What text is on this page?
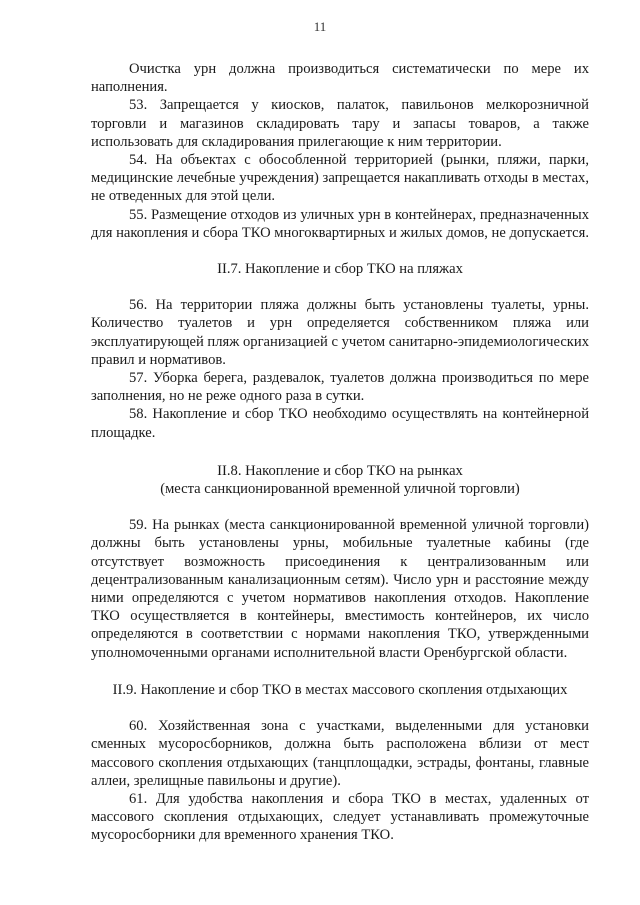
11

Очистка урн должна производиться систематически по мере их наполнения.

53. Запрещается у киосков, палаток, павильонов мелкорозничной торговли и магазинов складировать тару и запасы товаров, а также использовать для складирования прилегающие к ним территории.

54. На объектах с обособленной территорией (рынки, пляжи, парки, медицинские лечебные учреждения) запрещается накапливать отходы в местах, не отведенных для этой цели.

55. Размещение отходов из уличных урн в контейнерах, предназначенных для накопления и сбора ТКО многоквартирных и жилых домов, не допускается.

II.7. Накопление и сбор ТКО на пляжах

56. На территории пляжа должны быть установлены туалеты, урны. Количество туалетов и урн определяется собственником пляжа или эксплуатирующей пляж организацией с учетом санитарно-эпидемиологических правил и нормативов.

57. Уборка берега, раздевалок, туалетов должна производиться по мере заполнения, но не реже одного раза в сутки.

58. Накопление и сбор ТКО необходимо осуществлять на контейнерной площадке.

II.8. Накопление и сбор ТКО на рынках
(места санкционированной временной уличной торговли)

59. На рынках (места санкционированной временной уличной торговли) должны быть установлены урны, мобильные туалетные кабины (где отсутствует возможность присоединения к централизованным или децентрализованным канализационным сетям). Число урн и расстояние между ними определяются с учетом нормативов накопления отходов. Накопление ТКО осуществляется в контейнеры, вместимость контейнеров, их число определяются в соответствии с нормами накопления ТКО, утвержденными уполномоченными органами исполнительной власти Оренбургской области.

II.9. Накопление и сбор ТКО в местах массового скопления отдыхающих

60. Хозяйственная зона с участками, выделенными для установки сменных мусоросборников, должна быть расположена вблизи от мест массового скопления отдыхающих (танцплощадки, эстрады, фонтаны, главные аллеи, зрелищные павильоны и другие).

61. Для удобства накопления и сбора ТКО в местах, удаленных от массового скопления отдыхающих, следует устанавливать промежуточные мусоросборники для временного хранения ТКО.
